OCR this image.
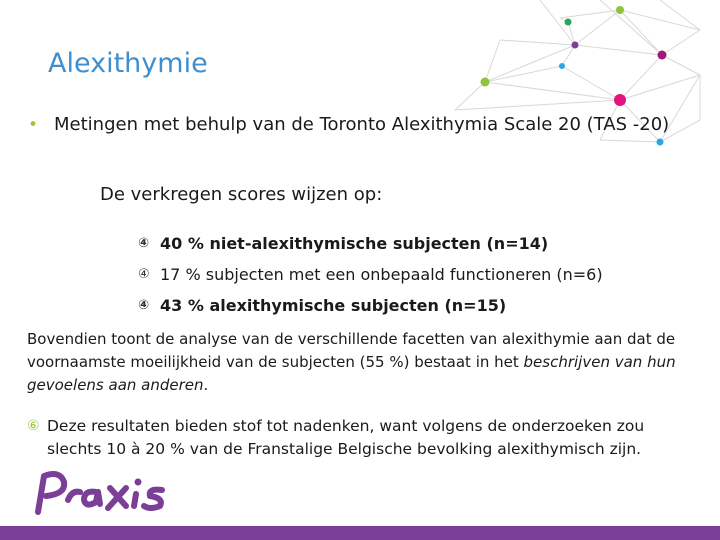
Alexithymie
• Metingen met behulp van de Toronto Alexithymia Scale 20 (TAS -20)
De verkregen scores wijzen op:
④ 40 % niet-alexithymische subjecten (n=14)
④ 17 % subjecten met een onbepaald functioneren (n=6)
④ 43 % alexithymische subjecten (n=15)

Bovendien toont de analyse van de verschillende facetten van alexithymie aan dat de voornaamste moeilijkheid van de subjecten (55 %) bestaat in het beschrijven van hun gevoelens aan anderen.

⑥ Deze resultaten bieden stof tot nadenken, want volgens de onderzoeken zou slechts 10 à 20 % van de Franstalige Belgische bevolking alexithymisch zijn.
